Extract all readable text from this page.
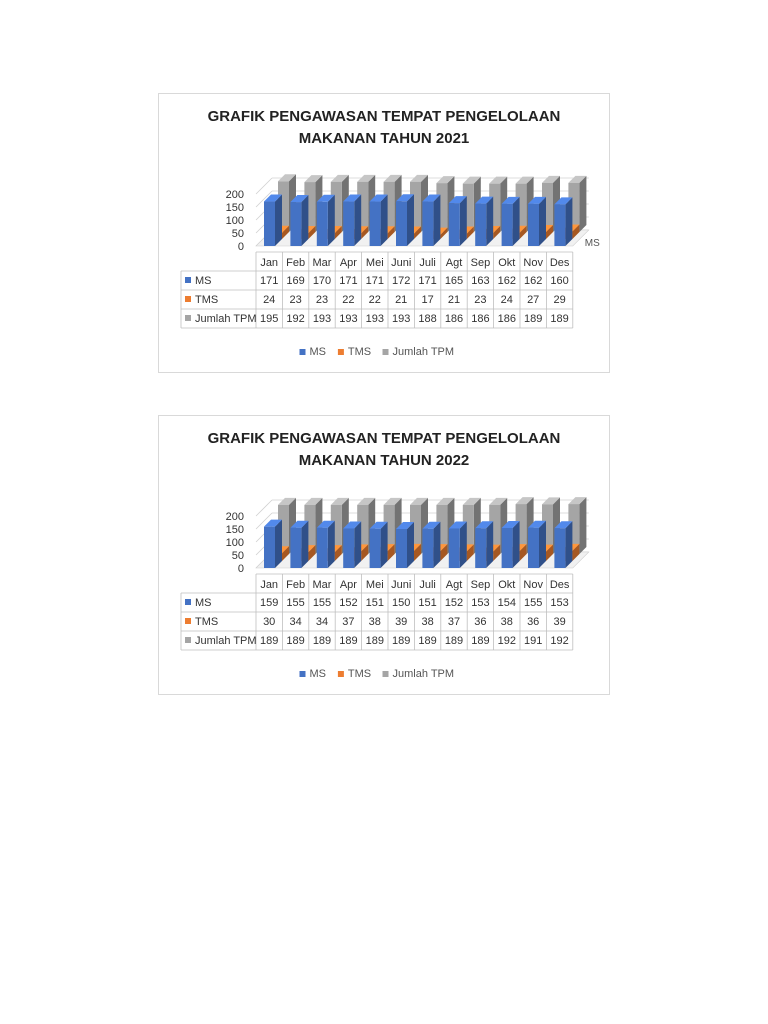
GRAFIK PENGAWASAN TEMPAT PENGELOLAAN
MAKANAN TAHUN 2021
200
150
100
50
0	MS
Jan Feb Mar Apr Mei Juni Juli Agt Sep Okt Nov Des
MS	171 169 170 171 171 172 171 165 163 162 162 160
TMS	24 23 23 22 22 21 17 21 23 24 27 29
Jumlah TPM 195 192 193 193 193 193 188 186 186 186 189 189
MS TMS Jumlah TPM
GRAFIK PENGAWASAN TEMPAT PENGELOLAAN
MAKANAN TAHUN 2022
200
150
100
50
0
Jan Feb Mar Apr Mei Juni Juli Agt Sep Okt Nov Des
MS	159 155 155 152 151 150 151 152 153 154 155 153
TMS	30 34 34 37 38 39 38 37 36 38 36 39
Jumlah TPM 189 189 189 189 189 189 189 189 189 192 191 192
MS TMS Jumlah TPM
